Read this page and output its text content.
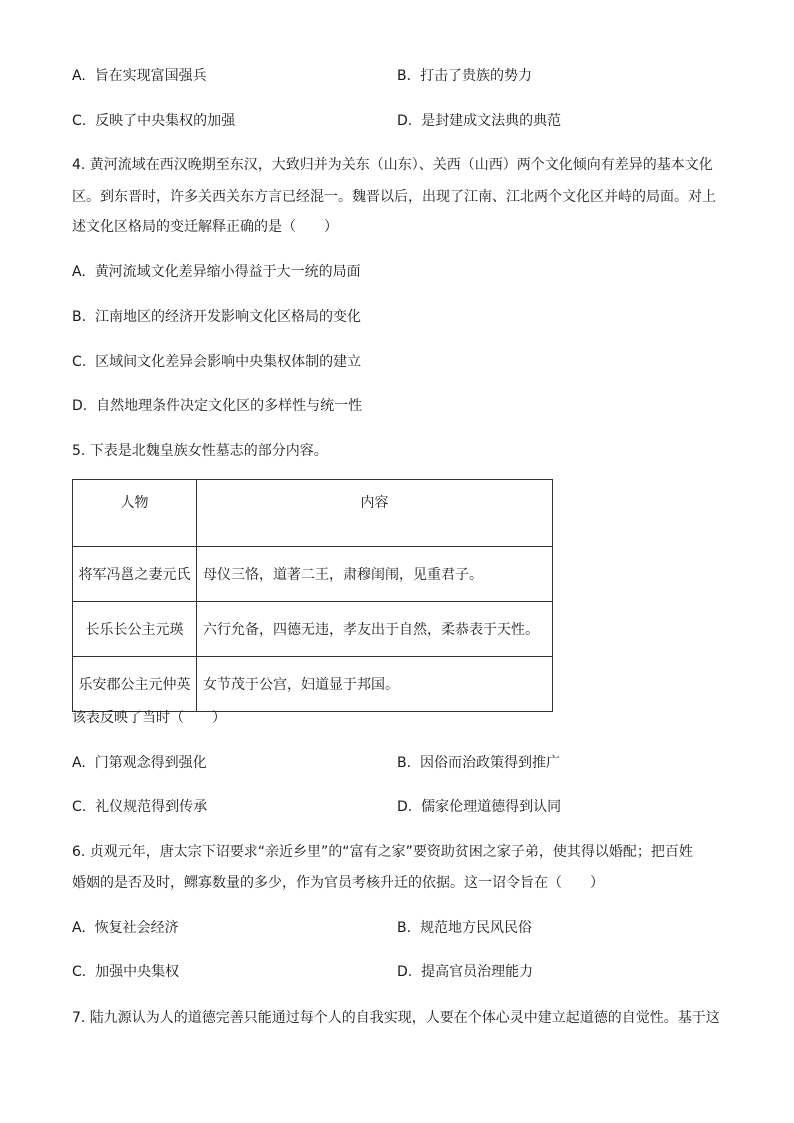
A. 旨在实现富国强兵	B. 打击了贵族的势力
C. 反映了中央集权的加强	D. 是封建成文法典的典范
4. 黄河流域在西汉晚期至东汉，大致归并为关东（山东）、关西（山西）两个文化倾向有差异的基本文化
区。到东晋时，许多关西关东方言已经混一。魏晋以后，出现了江南、江北两个文化区并峙的局面。对上
述文化区格局的变迁解释正确的是（　　）
A. 黄河流域文化差异缩小得益于大一统的局面
B. 江南地区的经济开发影响文化区格局的变化
C. 区域间文化差异会影响中央集权体制的建立
D. 自然地理条件决定文化区的多样性与统一性
5. 下表是北魏皇族女性墓志的部分内容。
人物	内容
将军冯邕之妻元氏	母仪三恪，道著二王，肃穆闺闱，见重君子。
长乐长公主元瑛	六行允备，四德无违，孝友出于自然，柔恭表于天性。
乐安郡公主元仲英	女节茂于公宫，妇道显于邦国。
该表反映了当时（　　）
A. 门第观念得到强化	B. 因俗而治政策得到推广
C. 礼仪规范得到传承	D. 儒家伦理道德得到认同
6. 贞观元年，唐太宗下诏要求“亲近乡里”的“富有之家”要资助贫困之家子弟，使其得以婚配；把百姓
婚姻的是否及时，鳏寡数量的多少，作为官员考核升迁的依据。这一诏令旨在（　　）
A. 恢复社会经济	B. 规范地方民风民俗
C. 加强中央集权	D. 提高官员治理能力
7. 陆九源认为人的道德完善只能通过每个人的自我实现，人要在个体心灵中建立起道德的自觉性。基于这
